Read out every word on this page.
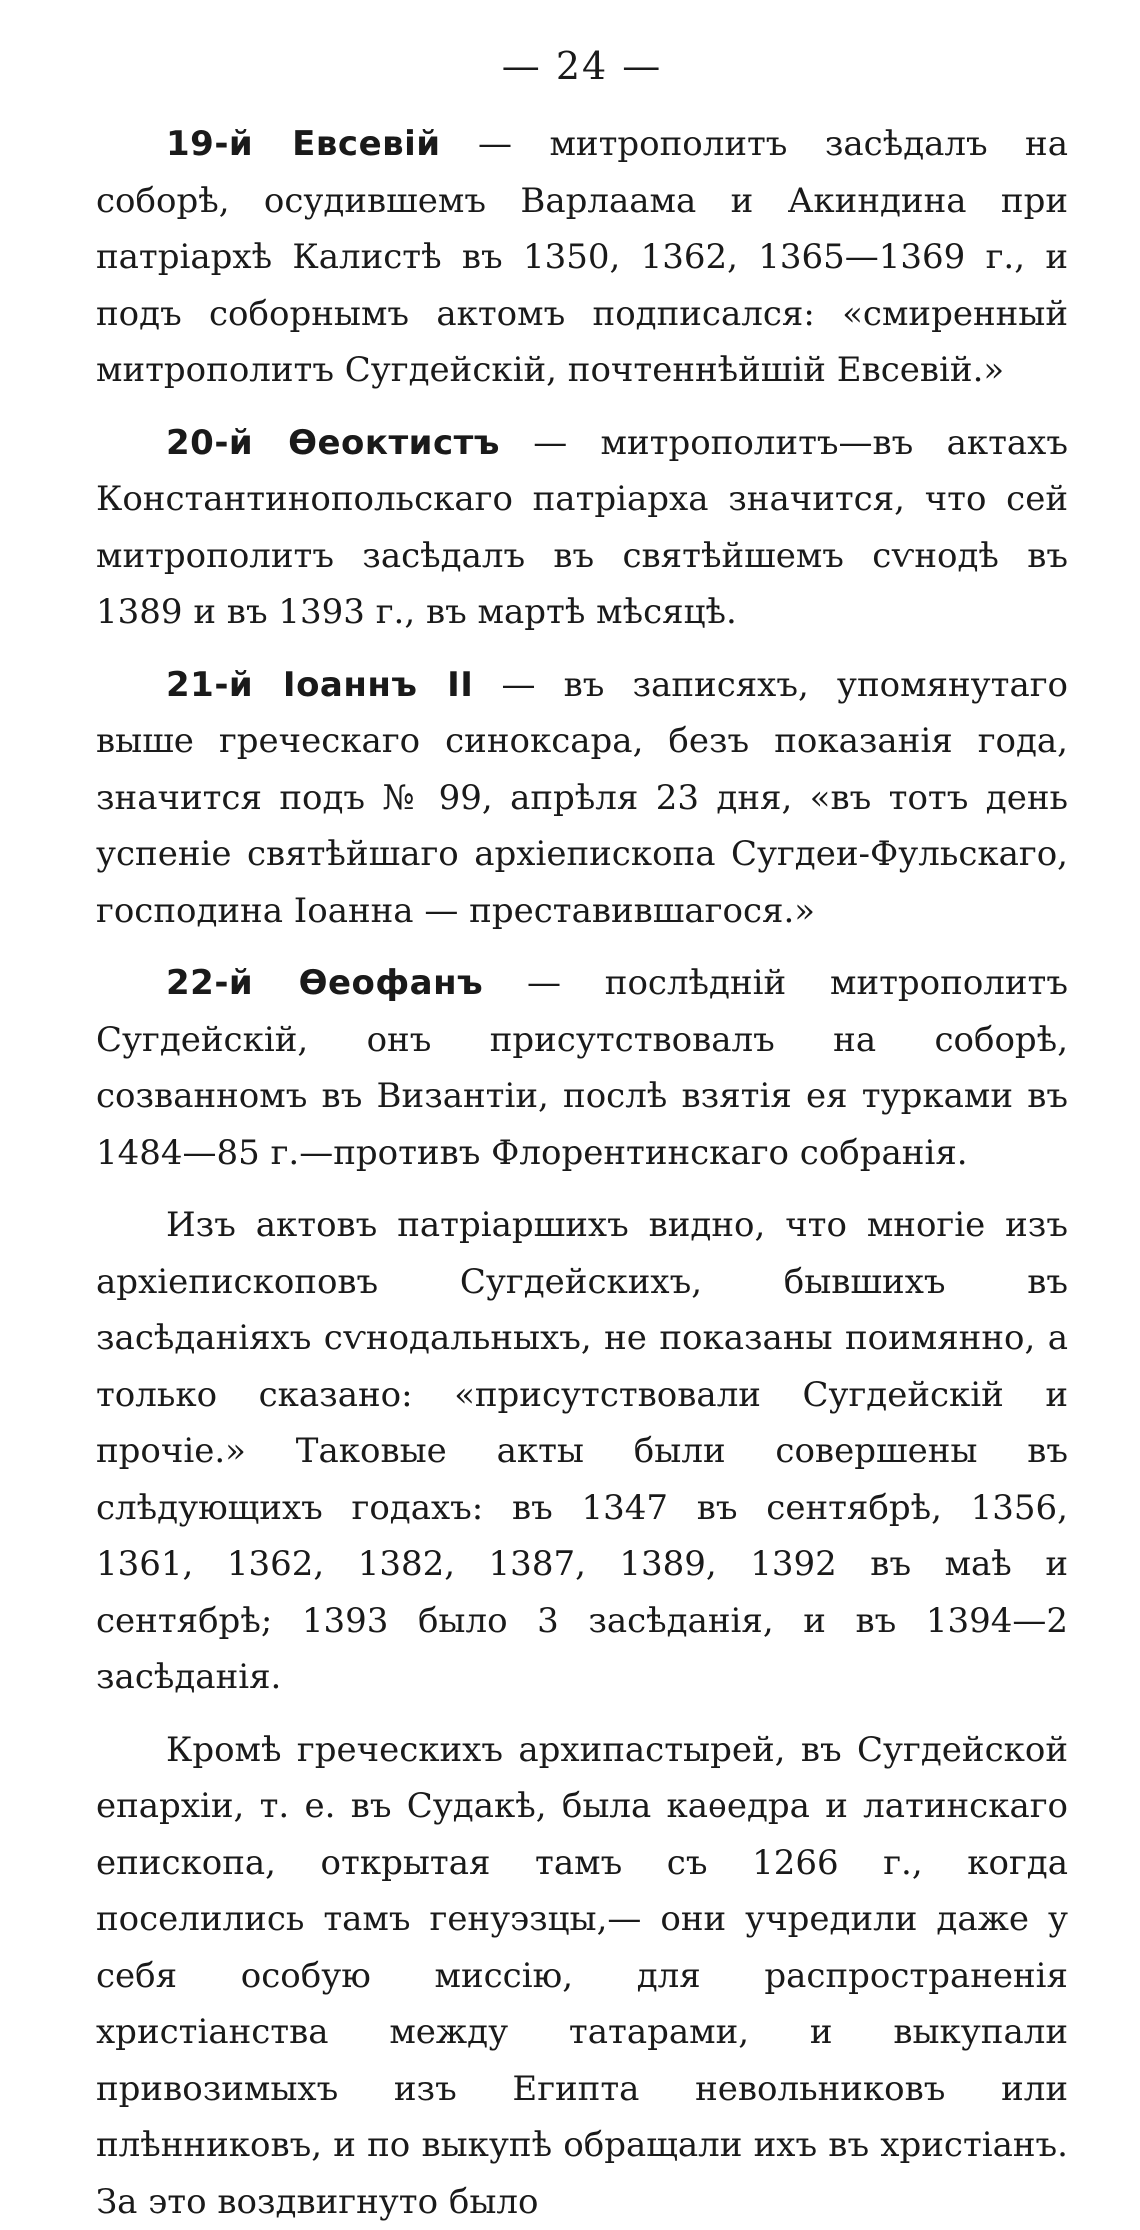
— 24 —

19-й Евсевій — митрополитъ засѣдалъ на соборѣ, осудившемъ Варлаама и Акиндина при патріархѣ Калистѣ въ 1350, 1362, 1365—1369 г., и подъ соборнымъ актомъ подписался: «смиренный митрополитъ Сугдейскій, почтеннѣйшій Евсевій.»

20-й Өеоктистъ — митрополитъ—въ актахъ Константинопольскаго патріарха значится, что сей митрополитъ засѣдалъ въ святѣйшемъ сѵнодѣ въ 1389 и въ 1393 г., въ мартѣ мѣсяцѣ.

21-й Іоаннъ II — въ записяхъ, упомянутаго выше греческаго синоксара, безъ показанія года, значится подъ № 99, апрѣля 23 дня, «въ тотъ день успеніе святѣйшаго архіепископа Сугдеи-Фульскаго, господина Іоанна — преставившагося.»

22-й Өеофанъ — послѣдній митрополитъ Сугдейскій, онъ присутствовалъ на соборѣ, созванномъ въ Византіи, послѣ взятія ея турками въ 1484—85 г.—противъ Флорентинскаго собранія.

Изъ актовъ патріаршихъ видно, что многіе изъ архіепископовъ Сугдейскихъ, бывшихъ въ засѣданіяхъ сѵнодальныхъ, не показаны поимянно, а только сказано: «присутствовали Сугдейскій и прочіе.» Таковые акты были совершены въ слѣдующихъ годахъ: въ 1347 въ сентябрѣ, 1356, 1361, 1362, 1382, 1387, 1389, 1392 въ маѣ и сентябрѣ; 1393 было 3 засѣданія, и въ 1394—2 засѣданія.

Кромѣ греческихъ архипастырей, въ Сугдейской епархіи, т. е. въ Судакѣ, была каѳедра и латинскаго епископа, открытая тамъ съ 1266 г., когда поселились тамъ генуэзцы,— они учредили даже у себя особую миссію, для распространенія христіанства между татарами, и выкупали привозимыхъ изъ Египта невольниковъ или плѣнниковъ, и по выкупѣ обращали ихъ въ христіанъ. За это воздвигнуто было
